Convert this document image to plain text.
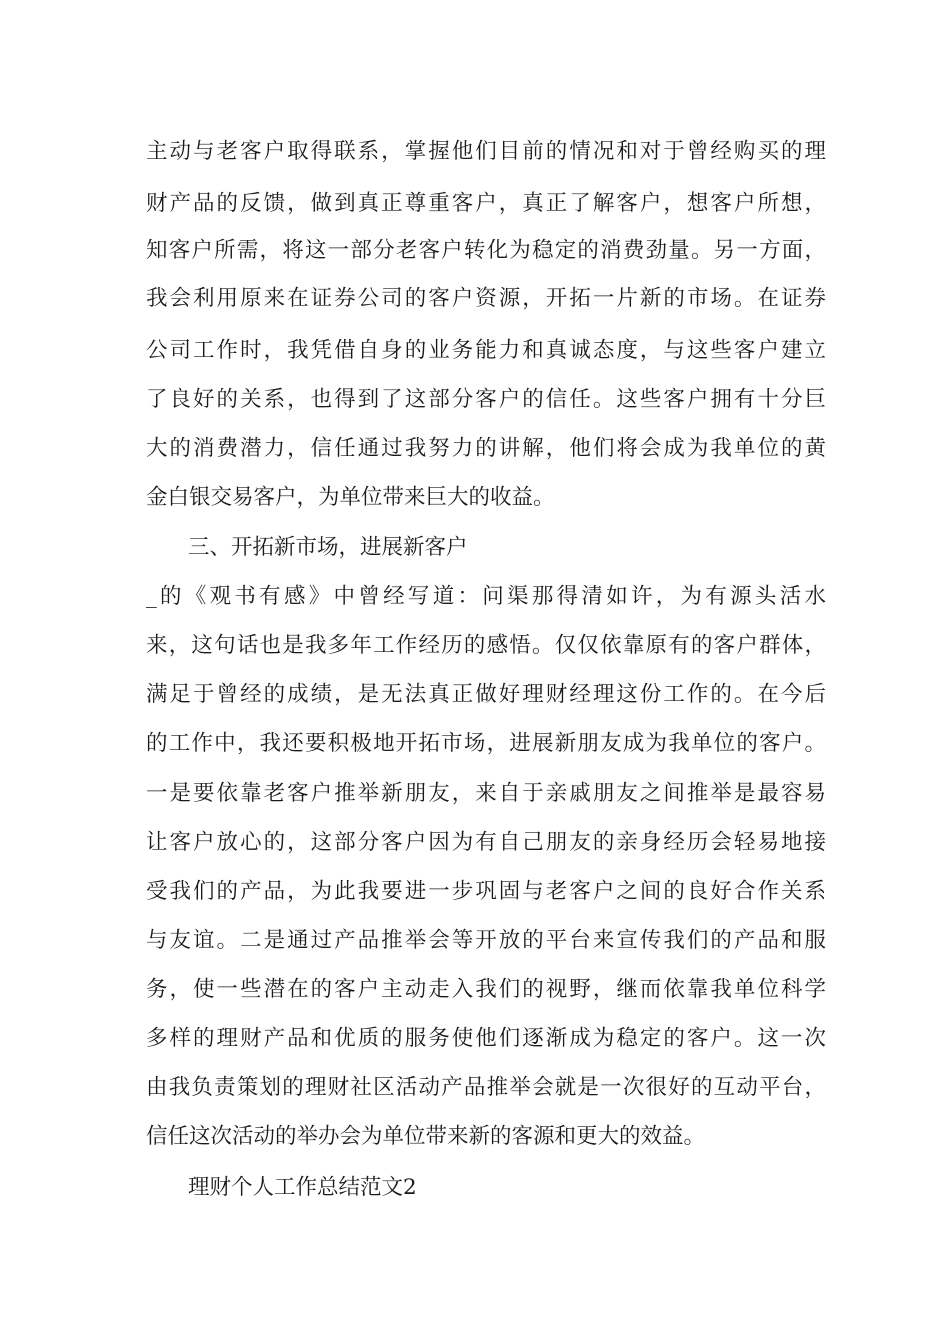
主动与老客户取得联系，掌握他们目前的情况和对于曾经购买的理
财产品的反馈，做到真正尊重客户，真正了解客户，想客户所想，
知客户所需，将这一部分老客户转化为稳定的消费劲量。另一方面，
我会利用原来在证券公司的客户资源，开拓一片新的市场。在证券
公司工作时，我凭借自身的业务能力和真诚态度，与这些客户建立
了良好的关系，也得到了这部分客户的信任。这些客户拥有十分巨
大的消费潜力，信任通过我努力的讲解，他们将会成为我单位的黄
金白银交易客户，为单位带来巨大的收益。
三、开拓新市场，进展新客户
_的《观书有感》中曾经写道：问渠那得清如许，为有源头活水
来，这句话也是我多年工作经历的感悟。仅仅依靠原有的客户群体，
满足于曾经的成绩，是无法真正做好理财经理这份工作的。在今后
的工作中，我还要积极地开拓市场，进展新朋友成为我单位的客户。
一是要依靠老客户推举新朋友，来自于亲戚朋友之间推举是最容易
让客户放心的，这部分客户因为有自己朋友的亲身经历会轻易地接
受我们的产品，为此我要进一步巩固与老客户之间的良好合作关系
与友谊。二是通过产品推举会等开放的平台来宣传我们的产品和服
务，使一些潜在的客户主动走入我们的视野，继而依靠我单位科学
多样的理财产品和优质的服务使他们逐渐成为稳定的客户。这一次
由我负责策划的理财社区活动产品推举会就是一次很好的互动平台，
信任这次活动的举办会为单位带来新的客源和更大的效益。
理财个人工作总结范文2
